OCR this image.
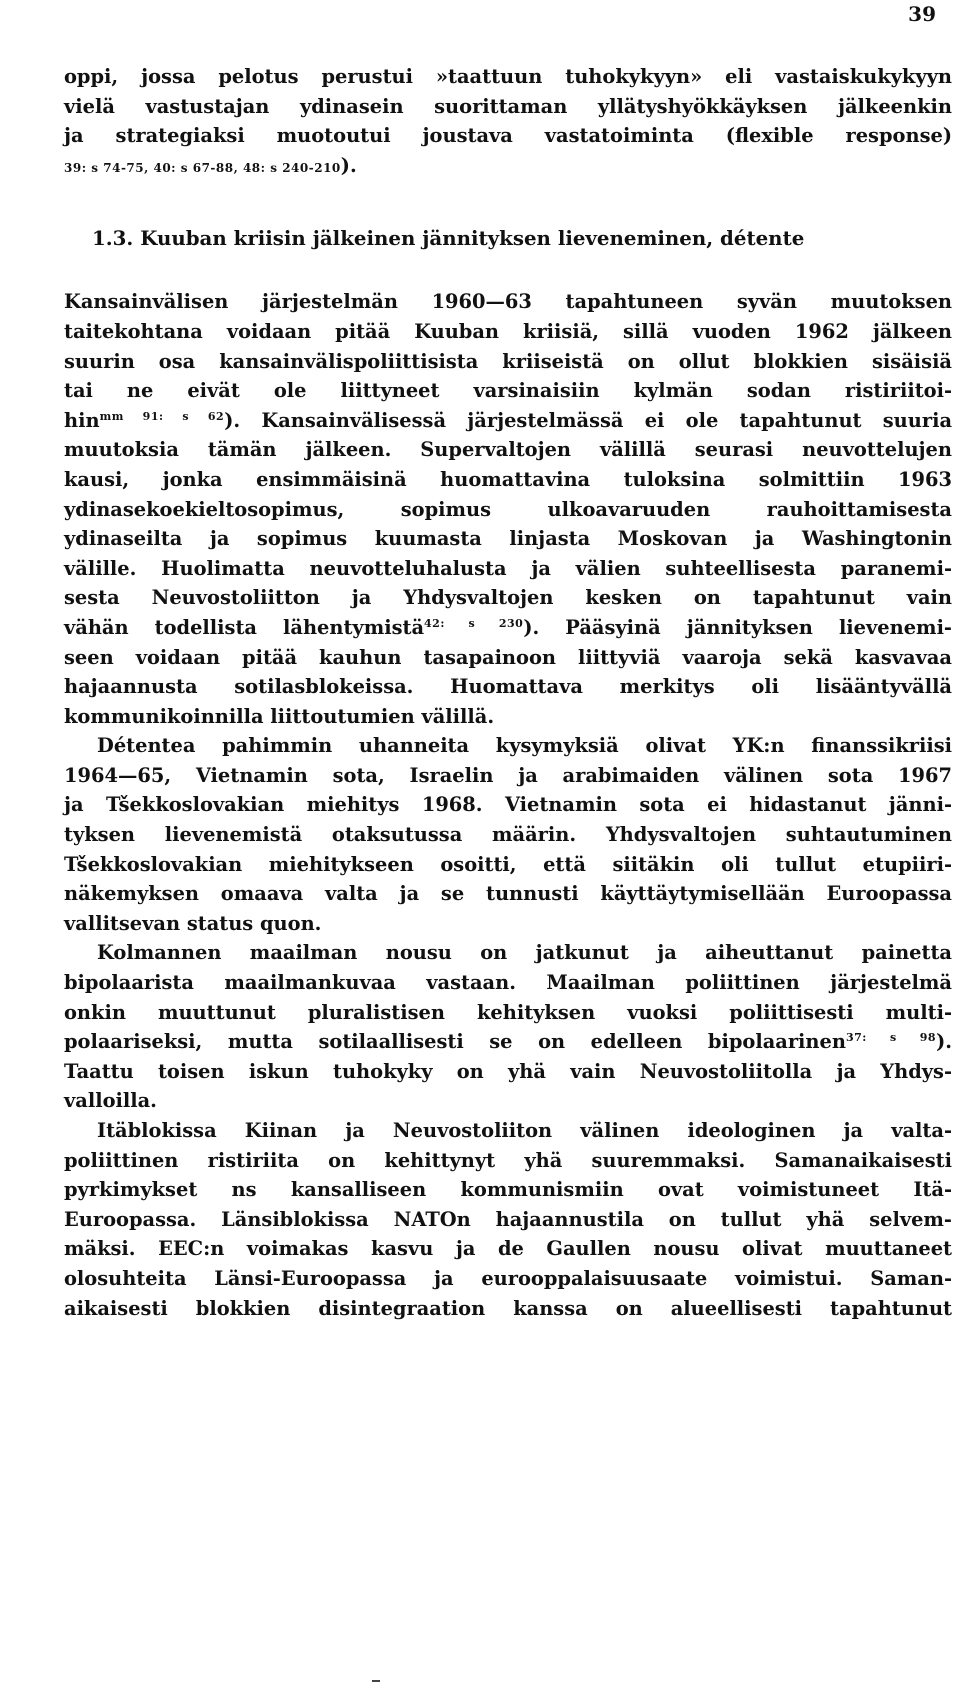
39
oppi, jossa pelotus perustui »taattuun tuhokykyyn» eli vastaiskukykyyn
vielä vastustajan ydinasein suorittaman yllätyshyökkäyksen jälkeenkin
ja strategiaksi muotoutui joustava vastatoiminta (flexible response)
39: s 74-75, 40: s 67-88, 48: s 240-210).
1.3. Kuuban kriisin jälkeinen jännityksen lieveneminen, détente
Kansainvälisen järjestelmän 1960—63 tapahtuneen syvän muutoksen
taitekohtana voidaan pitää Kuuban kriisiä, sillä vuoden 1962 jälkeen
suurin osa kansainvälispoliittisista kriiseistä on ollut blokkien sisäisiä
tai ne eivät ole liittyneet varsinaisiin kylmän sodan ristiriitoi-
hin$^{mm 91: s 62}$). Kansainvälisessä järjestelmässä ei ole tapahtunut suuria
muutoksia tämän jälkeen. Supervaltojen välillä seurasi neuvottelujen
kausi, jonka ensimmäisinä huomattavina tuloksina solmittiin 1963
ydinasekoekieltosopimus, sopimus ulkoavaruuden rauhoittamisesta
ydinaseilta ja sopimus kuumasta linjasta Moskovan ja Washingtonin
välille. Huolimatta neuvotteluhalusta ja välien suhteellisesta paranemi-
sesta Neuvostoliitton ja Yhdysvaltojen kesken on tapahtunut vain
vähän todellista lähentymistä$^{42: s 230}$). Pääsyinä jännityksen lievenemi-
seen voidaan pitää kauhun tasapainoon liittyviä vaaroja sekä kasvavaa
hajaannusta sotilasblokeissa. Huomattava merkitys oli lisääntyvällä
kommunikoinnilla liittoutumien välillä.
Détentea pahimmin uhanneita kysymyksiä olivat YK:n finanssikriisi
1964—65, Vietnamin sota, Israelin ja arabimaiden välinen sota 1967
ja Tšekkoslovakian miehitys 1968. Vietnamin sota ei hidastanut jänni-
tyksen lievenemistä otaksutussa määrin. Yhdysvaltojen suhtautuminen
Tšekkoslovakian miehitykseen osoitti, että siitäkin oli tullut etupiiri-
näkemyksen omaava valta ja se tunnusti käyttäytymisellään Euroopassa
vallitsevan status quon.
Kolmannen maailman nousu on jatkunut ja aiheuttanut painetta
bipolaarista maailmankuvaa vastaan. Maailman poliittinen järjestelmä
onkin muuttunut pluralistisen kehityksen vuoksi poliittisesti multi-
polaariseksi, mutta sotilaallisesti se on edelleen bipolaarinen$^{37: s 98}$).
Taattu toisen iskun tuhokyky on yhä vain Neuvostoliitolla ja Yhdys-
valloilla.
Itäblokissa Kiinan ja Neuvostoliiton välinen ideologinen ja valta-
poliittinen ristiriita on kehittynyt yhä suuremmaksi. Samanaikaisesti
pyrkimykset ns kansalliseen kommunismiin ovat voimistuneet Itä-
Euroopassa. Länsiblokissa NATOn hajaannustila on tullut yhä selvem-
mäksi. EEC:n voimakas kasvu ja de Gaullen nousu olivat muuttaneet
olosuhteita Länsi-Euroopassa ja eurooppalaisuusaate voimistui. Saman-
aikaisesti blokkien disintegraation kanssa on alueellisesti tapahtunut
